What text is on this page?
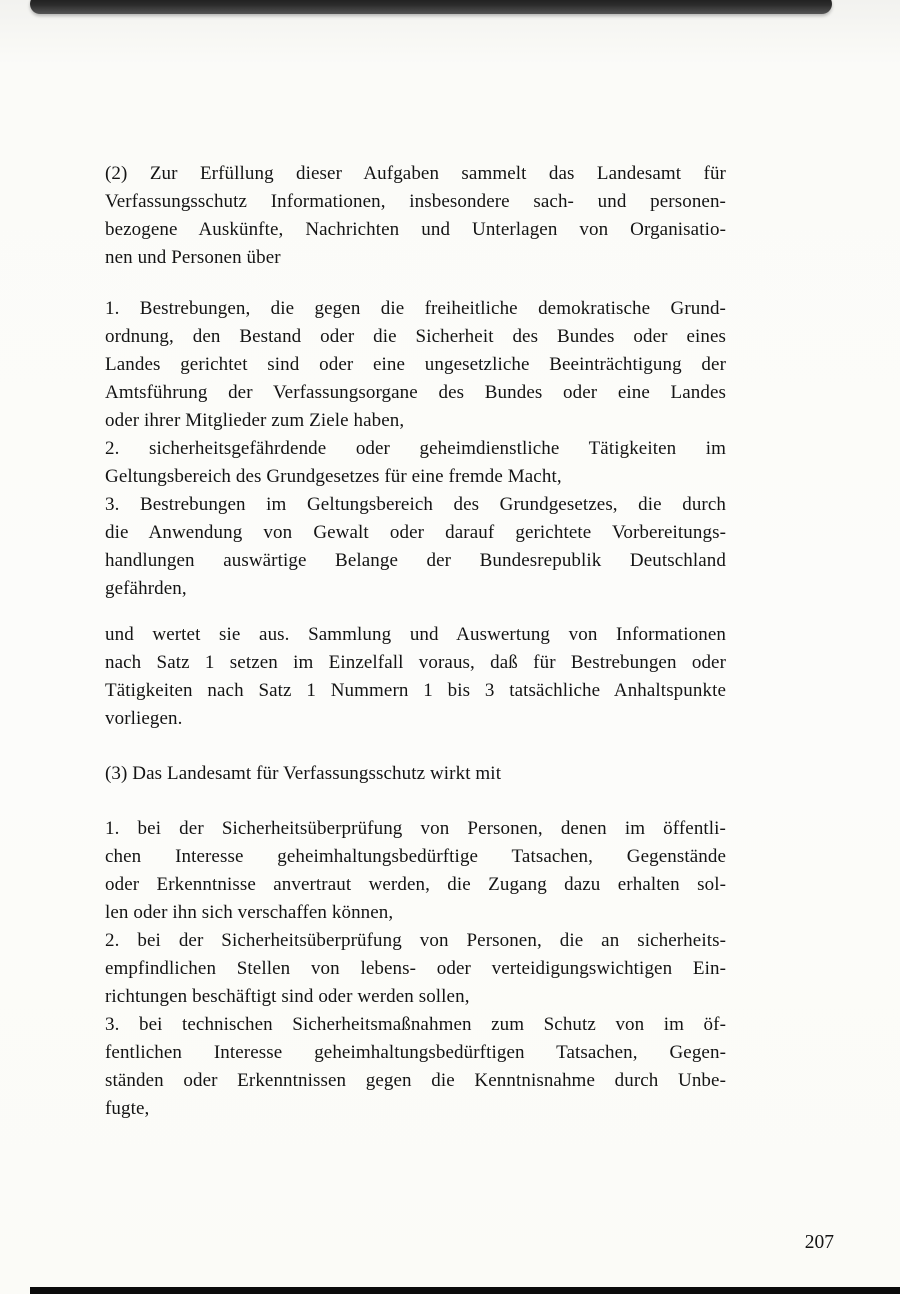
(2) Zur Erfüllung dieser Aufgaben sammelt das Landesamt für
Verfassungsschutz Informationen, insbesondere sach- und personen-
bezogene Auskünfte, Nachrichten und Unterlagen von Organisatio-
nen und Personen über
1. Bestrebungen, die gegen die freiheitliche demokratische Grund-
ordnung, den Bestand oder die Sicherheit des Bundes oder eines
Landes gerichtet sind oder eine ungesetzliche Beeinträchtigung der
Amtsführung der Verfassungsorgane des Bundes oder eine Landes
oder ihrer Mitglieder zum Ziele haben,
2. sicherheitsgefährdende oder geheimdienstliche Tätigkeiten im
Geltungsbereich des Grundgesetzes für eine fremde Macht,
3. Bestrebungen im Geltungsbereich des Grundgesetzes, die durch
die Anwendung von Gewalt oder darauf gerichtete Vorbereitungs-
handlungen auswärtige Belange der Bundesrepublik Deutschland
gefährden,
und wertet sie aus. Sammlung und Auswertung von Informationen
nach Satz 1 setzen im Einzelfall voraus, daß für Bestrebungen oder
Tätigkeiten nach Satz 1 Nummern 1 bis 3 tatsächliche Anhaltspunkte
vorliegen.
(3) Das Landesamt für Verfassungsschutz wirkt mit
1. bei der Sicherheitsüberprüfung von Personen, denen im öffentli-
chen Interesse geheimhaltungsbedürftige Tatsachen, Gegenstände
oder Erkenntnisse anvertraut werden, die Zugang dazu erhalten sol-
len oder ihn sich verschaffen können,
2. bei der Sicherheitsüberprüfung von Personen, die an sicherheits-
empfindlichen Stellen von lebens- oder verteidigungswichtigen Ein-
richtungen beschäftigt sind oder werden sollen,
3. bei technischen Sicherheitsmaßnahmen zum Schutz von im öf-
fentlichen Interesse geheimhaltungsbedürftigen Tatsachen, Gegen-
ständen oder Erkenntnissen gegen die Kenntnisnahme durch Unbe-
fugte,
207
